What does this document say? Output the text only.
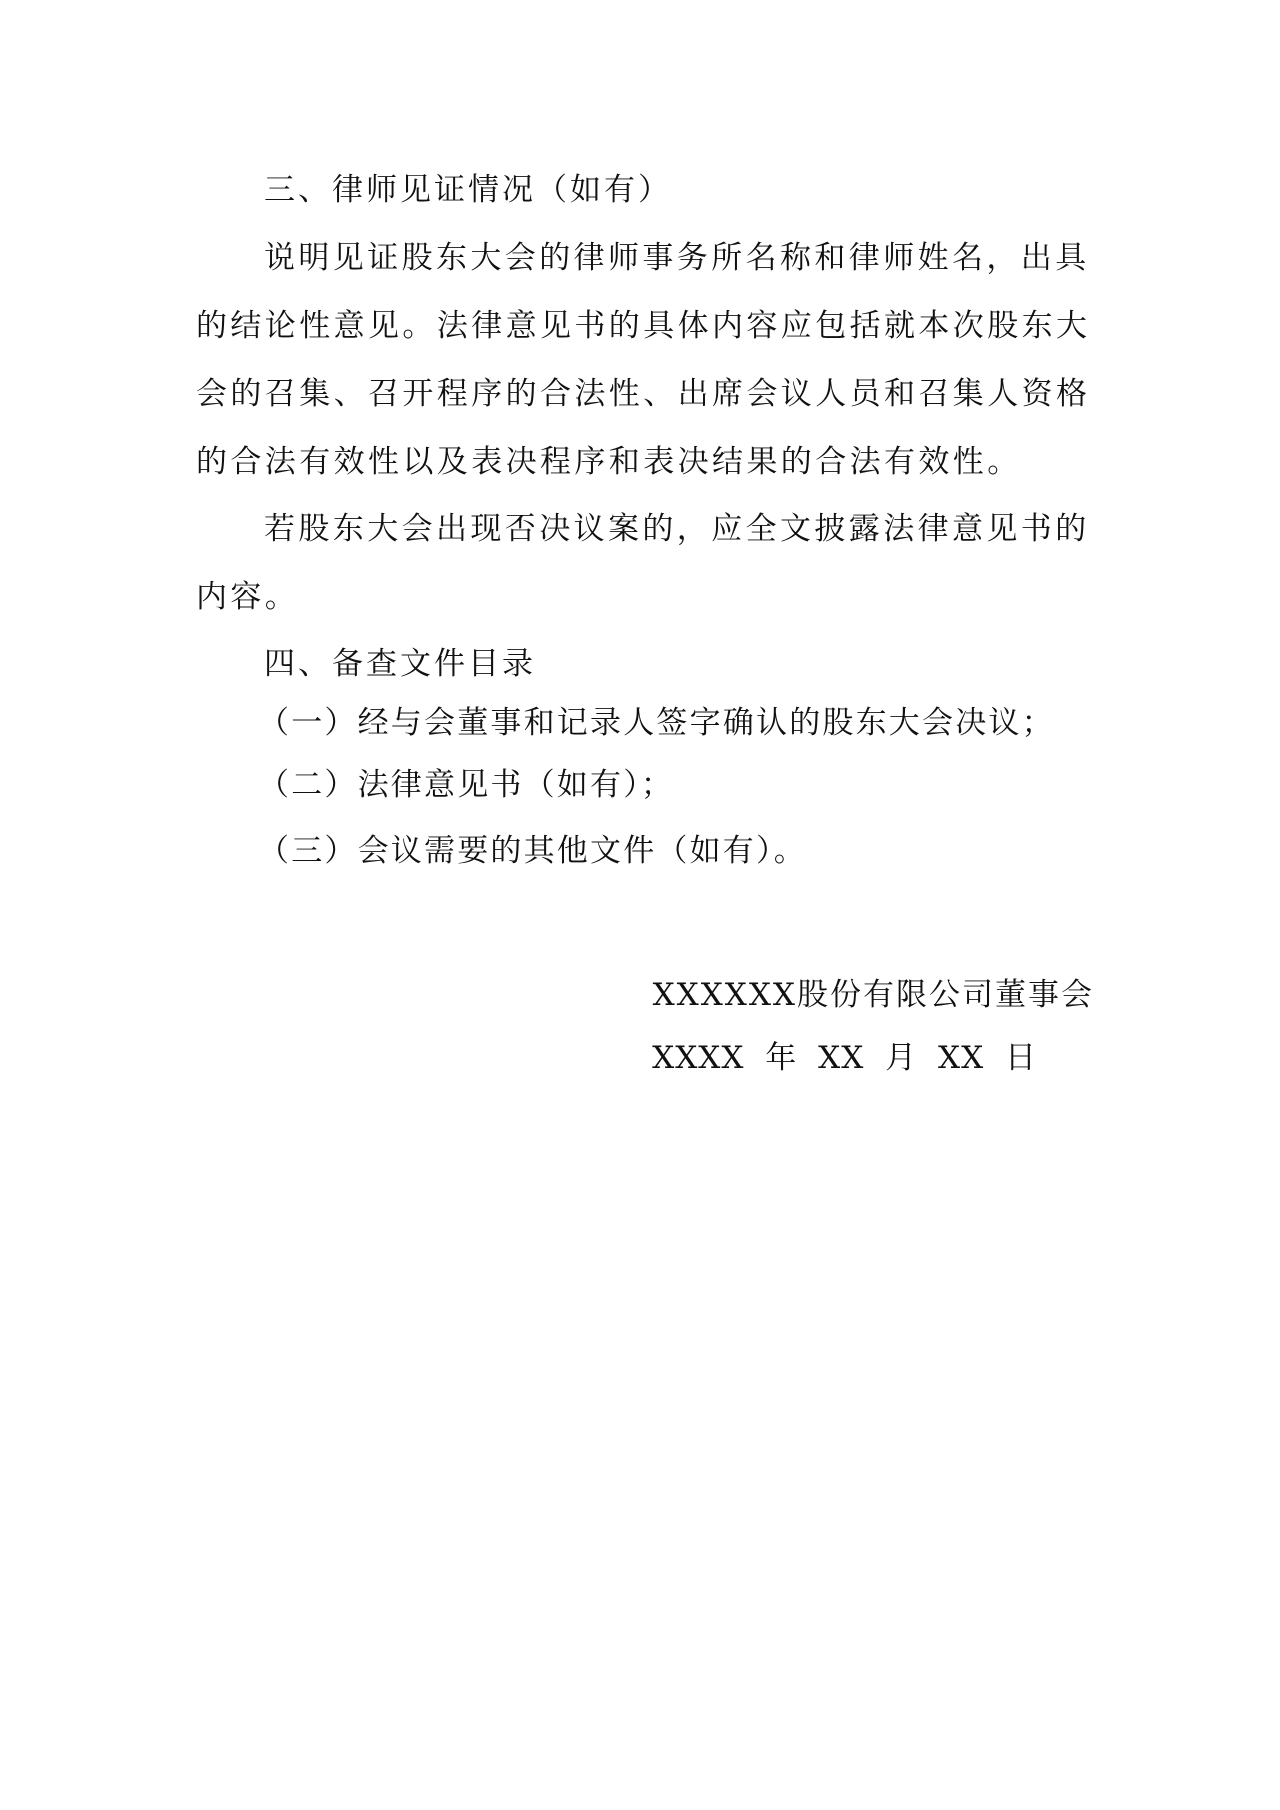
三、律师见证情况（如有）
说明见证股东大会的律师事务所名称和律师姓名，出具
的结论性意见。法律意见书的具体内容应包括就本次股东大
会的召集、召开程序的合法性、出席会议人员和召集人资格
的合法有效性以及表决程序和表决结果的合法有效性。
若股东大会出现否决议案的，应全文披露法律意见书的
内容。
四、备查文件目录
（一）经与会董事和记录人签字确认的股东大会决议；
（二）法律意见书（如有）；
（三）会议需要的其他文件（如有）。
XXXXXX股份有限公司董事会
XXXX 年 XX 月 XX 日
